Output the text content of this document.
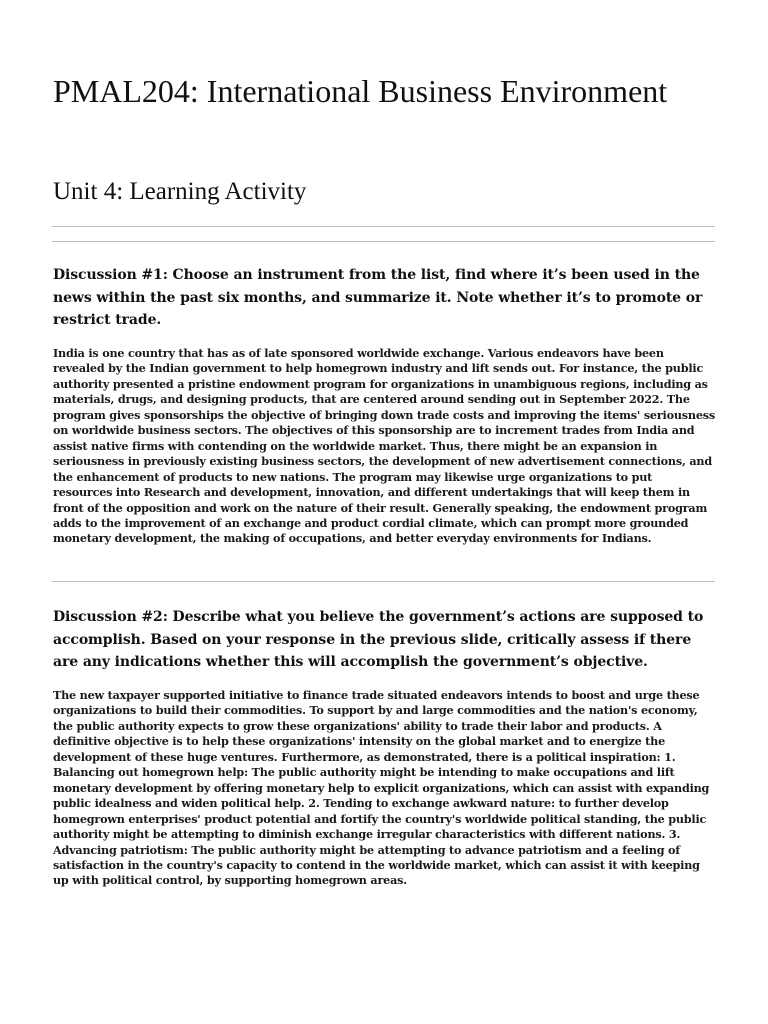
PMAL204: International Business Environment
Unit 4: Learning Activity

Discussion #1: Choose an instrument from the list, find where it’s been used in the news within the past six months, and summarize it. Note whether it’s to promote or restrict trade.

India is one country that has as of late sponsored worldwide exchange. Various endeavors have been revealed by the Indian government to help homegrown industry and lift sends out. For instance, the public authority presented a pristine endowment program for organizations in unambiguous regions, including as materials, drugs, and designing products, that are centered around sending out in September 2022. The program gives sponsorships the objective of bringing down trade costs and improving the items' seriousness on worldwide business sectors. The objectives of this sponsorship are to increment trades from India and assist native firms with contending on the worldwide market. Thus, there might be an expansion in seriousness in previously existing business sectors, the development of new advertisement connections, and the enhancement of products to new nations. The program may likewise urge organizations to put resources into Research and development, innovation, and different undertakings that will keep them in front of the opposition and work on the nature of their result. Generally speaking, the endowment program adds to the improvement of an exchange and product cordial climate, which can prompt more grounded monetary development, the making of occupations, and better everyday environments for Indians.

Discussion #2: Describe what you believe the government’s actions are supposed to accomplish. Based on your response in the previous slide, critically assess if there are any indications whether this will accomplish the government’s objective.

The new taxpayer supported initiative to finance trade situated endeavors intends to boost and urge these organizations to build their commodities. To support by and large commodities and the nation's economy, the public authority expects to grow these organizations' ability to trade their labor and products. A definitive objective is to help these organizations' intensity on the global market and to energize the development of these huge ventures. Furthermore, as demonstrated, there is a political inspiration: 1. Balancing out homegrown help: The public authority might be intending to make occupations and lift monetary development by offering monetary help to explicit organizations, which can assist with expanding public idealness and widen political help. 2. Tending to exchange awkward nature: to further develop homegrown enterprises' product potential and fortify the country's worldwide political standing, the public authority might be attempting to diminish exchange irregular characteristics with different nations. 3. Advancing patriotism: The public authority might be attempting to advance patriotism and a feeling of satisfaction in the country's capacity to contend in the worldwide market, which can assist it with keeping up with political control, by supporting homegrown areas.
